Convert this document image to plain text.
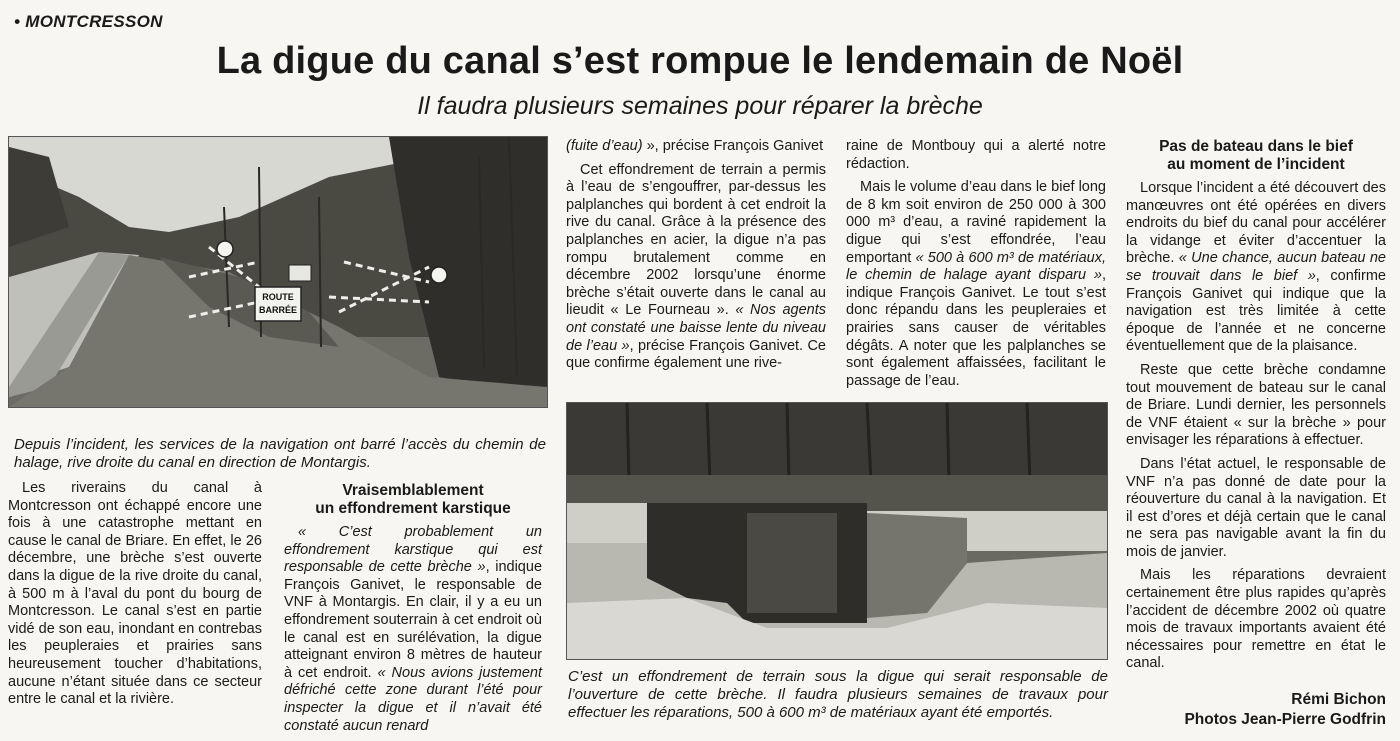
• MONTCRESSON
La digue du canal s’est rompue le lendemain de Noël
Il faudra plusieurs semaines pour réparer la brèche
ROUTE
BARRÉE
Depuis l’incident, les services de la navigation ont barré l’accès du chemin de halage, rive droite du canal en direction de Montargis.

Les riverains du canal à Montcresson ont échappé encore une fois à une catastrophe mettant en cause le canal de Briare. En effet, le 26 décembre, une brèche s’est ouverte dans la digue de la rive droite du canal, à 500 m à l’aval du pont du bourg de Montcresson. Le canal s’est en partie vidé de son eau, inondant en contrebas les peupleraies et prairies sans heureusement toucher d’habitations, aucune n’étant située dans ce secteur entre le canal et la rivière.

Vraisemblablement
un effondrement karstique

« C’est probablement un effondrement karstique qui est responsable de cette brèche », indique François Ganivet, le responsable de VNF à Montargis. En clair, il y a eu un effondrement souterrain à cet endroit où le canal est en surélévation, la digue atteignant environ 8 mètres de hauteur à cet endroit. « Nous avions justement défriché cette zone durant l’été pour inspecter la digue et il n’avait été constaté aucun renard

(fuite d’eau) », précise François Ganivet

Cet effondrement de terrain a permis à l’eau de s’engouffrer, par-dessus les palplanches qui bordent à cet endroit la rive du canal. Grâce à la présence des palplanches en acier, la digue n’a pas rompu brutalement comme en décembre 2002 lorsqu’une énorme brèche s’était ouverte dans le canal au lieudit « Le Fourneau ». « Nos agents ont constaté une baisse lente du niveau de l’eau », précise François Ganivet. Ce que confirme également une rive-

raine de Montbouy qui a alerté notre rédaction.

Mais le volume d’eau dans le bief long de 8 km soit environ de 250 000 à 300 000 m³ d’eau, a raviné rapidement la digue qui s’est effondrée, l’eau emportant « 500 à 600 m³ de matériaux, le chemin de halage ayant disparu », indique François Ganivet. Le tout s’est donc répandu dans les peupleraies et prairies sans causer de véritables dégâts. A noter que les palplanches se sont également affaissées, facilitant le passage de l’eau.

C’est un effondrement de terrain sous la digue qui serait responsable de l’ouverture de cette brèche. Il faudra plusieurs semaines de travaux pour effectuer les réparations, 500 à 600 m³ de matériaux ayant été emportés.
Pas de bateau dans le bief
au moment de l’incident

Lorsque l’incident a été découvert des manœuvres ont été opérées en divers endroits du bief du canal pour accélérer la vidange et éviter d’accentuer la brèche. « Une chance, aucun bateau ne se trouvait dans le bief », confirme François Ganivet qui indique que la navigation est très limitée à cette époque de l’année et ne concerne éventuellement que de la plaisance.

Reste que cette brèche condamne tout mouvement de bateau sur le canal de Briare. Lundi dernier, les personnels de VNF étaient « sur la brèche » pour envisager les réparations à effectuer.

Dans l’état actuel, le responsable de VNF n’a pas donné de date pour la réouverture du canal à la navigation. Et il est d’ores et déjà certain que le canal ne sera pas navigable avant la fin du mois de janvier.

Mais les réparations devraient certainement être plus rapides qu’après l’accident de décembre 2002 où quatre mois de travaux importants avaient été nécessaires pour remettre en état le canal.

Rémi Bichon
Photos Jean-Pierre Godfrin
